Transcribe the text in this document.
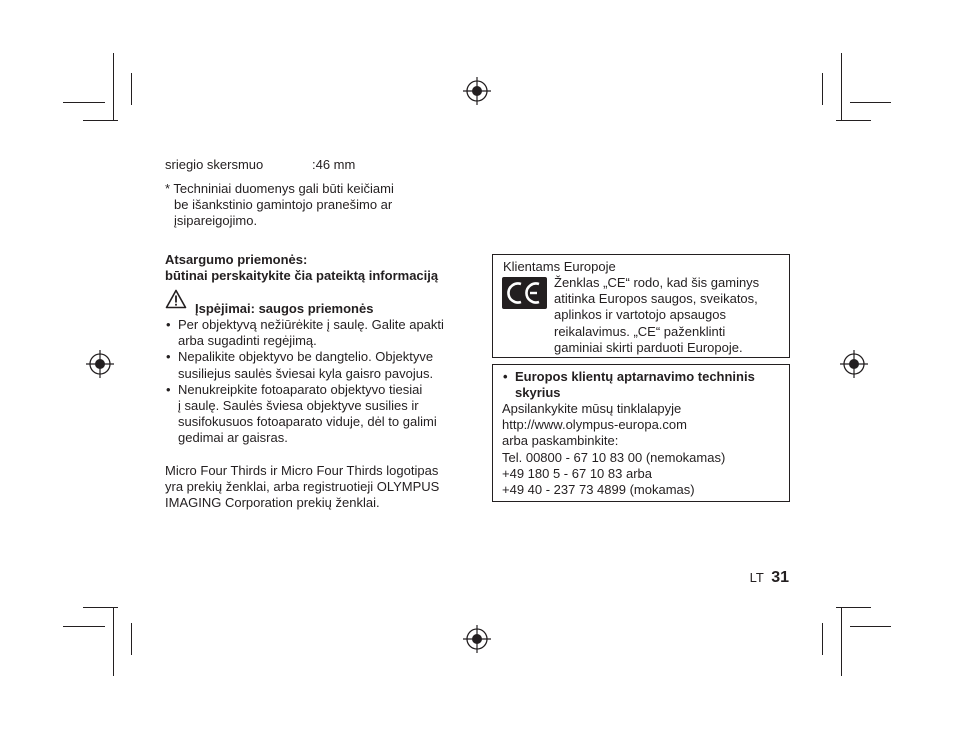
sriegio skersmuo	:46 mm
* Techniniai duomenys gali būti keičiami
be išankstinio gamintojo pranešimo ar
įsipareigojimo.
Atsargumo priemonės:
būtinai perskaitykite čia pateiktą informaciją
Įspėjimai: saugos priemonės
• Per objektyvą nežiūrėkite į saulę. Galite apakti
arba sugadinti regėjimą.
• Nepalikite objektyvo be dangtelio. Objektyve
susiliejus saulės šviesai kyla gaisro pavojus.
• Nenukreipkite fotoaparato objektyvo tiesiai
į saulę. Saulės šviesa objektyve susilies ir
susifokusuos fotoaparato viduje, dėl to galimi
gedimai ar gaisras.
Micro Four Thirds ir Micro Four Thirds logotipas
yra prekių ženklai, arba registruotieji OLYMPUS
IMAGING Corporation prekių ženklai.
Klientams Europoje
Ženklas „CE“ rodo, kad šis gaminys
atitinka Europos saugos, sveikatos,
aplinkos ir vartotojo apsaugos
reikalavimus. „CE“ paženklinti
gaminiai skirti parduoti Europoje.
• Europos klientų aptarnavimo techninis
skyrius
Apsilankykite mūsų tinklalapyje
http://www.olympus-europa.com
arba paskambinkite:
Tel. 00800 - 67 10 83 00 (nemokamas)
+49 180 5 - 67 10 83 arba
+49 40 - 237 73 4899 (mokamas)
LT 31
